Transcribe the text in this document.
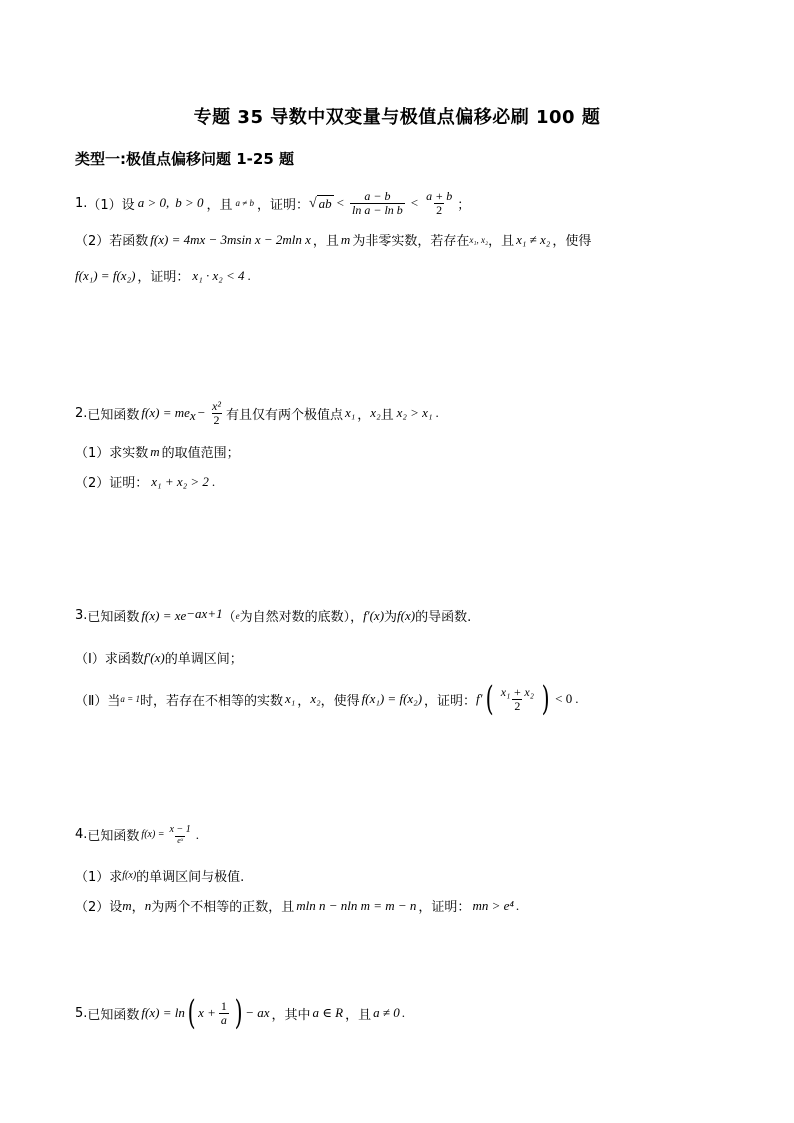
专题 35 导数中双变量与极值点偏移必刷 100 题
类型一:极值点偏移问题 1-25 题
1. （1）设 a > 0, b > 0 ，且 a ≠ b ，证明： √ ab < $\frac{a - b}{\text{ln a − ln b}} < \frac{a + b}{2}$ ；
（2）若函数 f(x) = 4mx − 3msin x − 2mln x ，且 m 为非零实数，若存在 x₁, x₂ ，且 x₁ ≠ x₂ ，使得
f(x₁) = f(x₂) ，证明： x₁ · x₂ < 4 .
2. 已知函数 f(x) = me $x - \frac{\text{x²}}{2}$ 有且仅有两个极值点 x₁ ， x₂ 且 x₂ > x₁ .
（1）求实数 m 的取值范围；
（2）证明： x₁ + x₂ > 2 .
3. 已知函数 f(x) = xe −ax+1 （ e 为自然对数的底数）， f′(x) 为 f(x) 的导函数.
（Ⅰ）求函数 f′(x) 的单调区间；
（Ⅱ）当 a = 1 时，若存在不相等的实数 x₁ ， x₂ ，使得 f(x₁) = f(x₂) ，证明： f′ ( $\frac{\text{x₁ + x₂}}{2}$ ) < 0 .
4. 已知函数 $f(x) = \frac{x - 1}{\text{eˣ}}$ .
（1）求 f(x) 的单调区间与极值.
（2）设 m ， n 为两个不相等的正数，且 mln n − nln m = m − n ，证明： mn > e⁴ .
5. 已知函数 f(x) = ln ( $x + \frac{1}{a}$ ) − ax ，其中 a ∈ R ，且 a ≠ 0 .
